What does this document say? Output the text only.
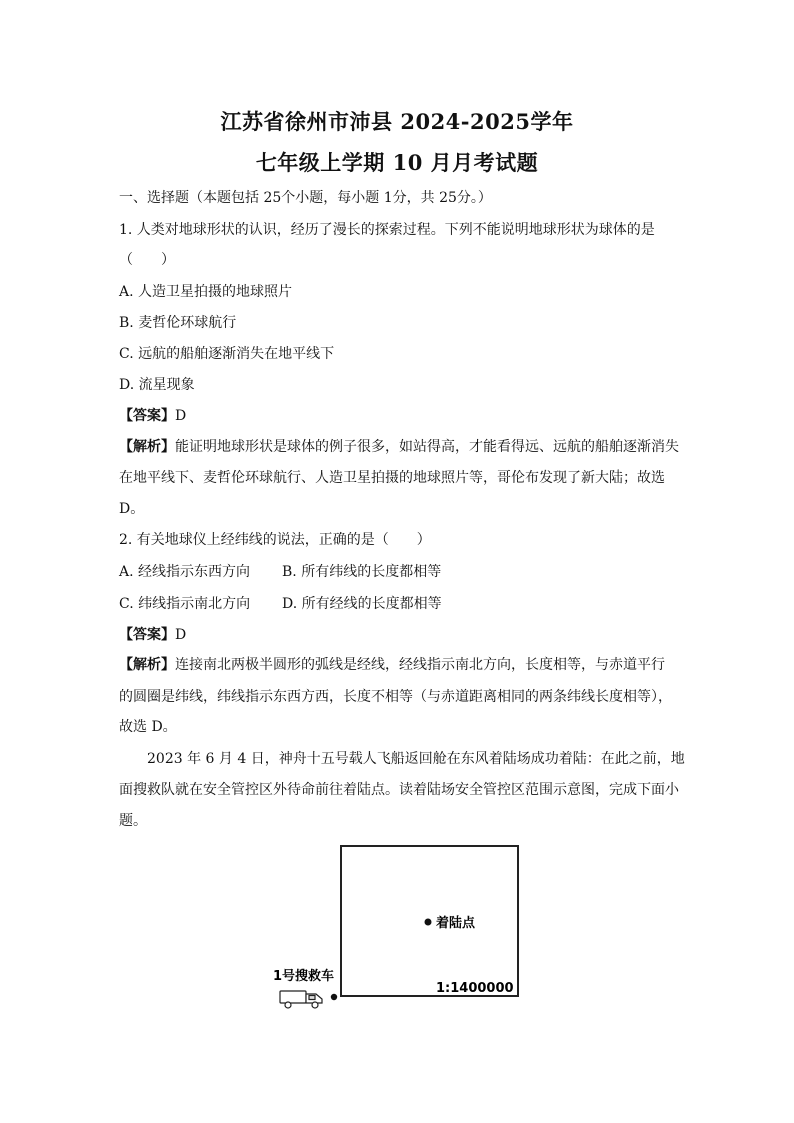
江苏省徐州市沛县 2024-2025学年
七年级上学期 10 月月考试题
一、选择题（本题包括 25个小题，每小题 1分，共 25分。）
1. 人类对地球形状的认识，经历了漫长的探索过程。下列不能说明地球形状为球体的是
（　　）
A. 人造卫星拍摄的地球照片
B. 麦哲伦环球航行
C. 远航的船舶逐渐消失在地平线下
D. 流星现象
【答案】D
【解析】能证明地球形状是球体的例子很多，如站得高，才能看得远、远航的船舶逐渐消失
在地平线下、麦哲伦环球航行、人造卫星拍摄的地球照片等，哥伦布发现了新大陆；故选
D。
2. 有关地球仪上经纬线的说法，正确的是（　　）
A. 经线指示东西方向 B. 所有纬线的长度都相等
C. 纬线指示南北方向 D. 所有经线的长度都相等
【答案】D
【解析】连接南北两极半圆形的弧线是经线，经线指示南北方向，长度相等，与赤道平行
的圆圈是纬线，纬线指示东西方西，长度不相等（与赤道距离相同的两条纬线长度相等），
故选 D。
2023 年 6 月 4 日，神舟十五号载人飞船返回舱在东风着陆场成功着陆：在此之前，地
面搜救队就在安全管控区外待命前往着陆点。读着陆场安全管控区范围示意图，完成下面小
题。
着陆点
1:1400000
1号搜救车
